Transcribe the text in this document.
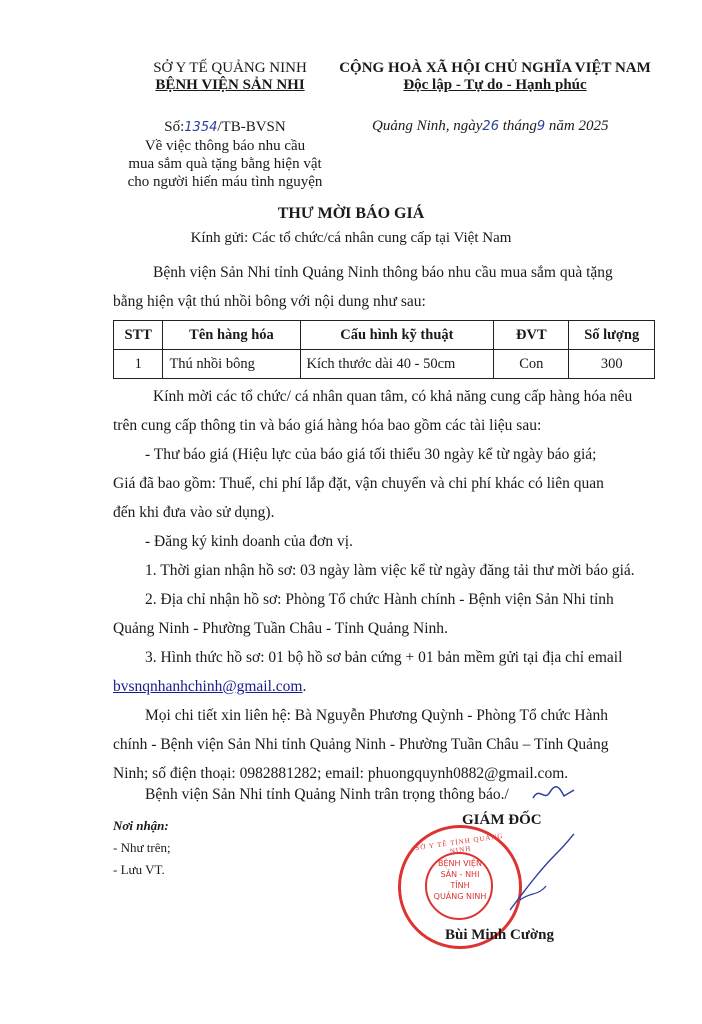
SỞ Y TẾ QUẢNG NINH
BỆNH VIỆN SẢN NHI
CỘNG HOÀ XÃ HỘI CHỦ NGHĨA VIỆT NAM
Độc lập - Tự do - Hạnh phúc
Số:1354/TB-BVSN
Về việc thông báo nhu cầu
mua sắm quà tặng bằng hiện vật
cho người hiến máu tình nguyện
Quảng Ninh, ngày26 tháng9 năm 2025
THƯ MỜI BÁO GIÁ
Kính gửi: Các tổ chức/cá nhân cung cấp tại Việt Nam
Bệnh viện Sản Nhi tỉnh Quảng Ninh thông báo nhu cầu mua sắm quà tặng
bằng hiện vật thú nhồi bông với nội dung như sau:
STT	Tên hàng hóa	Cấu hình kỹ thuật	ĐVT	Số lượng
1	Thú nhồi bông	Kích thước dài 40 - 50cm	Con	300
Kính mời các tổ chức/ cá nhân quan tâm, có khả năng cung cấp hàng hóa nêu
trên cung cấp thông tin và báo giá hàng hóa bao gồm các tài liệu sau:
- Thư báo giá (Hiệu lực của báo giá tối thiểu 30 ngày kể từ ngày báo giá;
Giá đã bao gồm: Thuế, chi phí lắp đặt, vận chuyển và chi phí khác có liên quan
đến khi đưa vào sử dụng).
- Đăng ký kinh doanh của đơn vị.
1. Thời gian nhận hồ sơ: 03 ngày làm việc kể từ ngày đăng tải thư mời báo giá.
2. Địa chỉ nhận hồ sơ: Phòng Tổ chức Hành chính - Bệnh viện Sản Nhi tỉnh
Quảng Ninh - Phường Tuần Châu - Tỉnh Quảng Ninh.
3. Hình thức hồ sơ: 01 bộ hồ sơ bản cứng + 01 bản mềm gửi tại địa chỉ email
bvsnqnhanhchinh@gmail.com.
Mọi chi tiết xin liên hệ: Bà Nguyễn Phương Quỳnh - Phòng Tổ chức Hành
chính - Bệnh viện Sản Nhi tỉnh Quảng Ninh - Phường Tuần Châu – Tỉnh Quảng
Ninh; số điện thoại: 0982881282; email: phuongquynh0882@gmail.com.
Bệnh viện Sản Nhi tỉnh Quảng Ninh trân trọng thông báo./
Nơi nhận:
- Như trên;
- Lưu VT.
GIÁM ĐỐC
SỞ Y TẾ TỈNH QUẢNG NINH
BỆNH VIỆN
SẢN - NHI
TỈNH
QUẢNG NINH
Bùi Minh Cường
